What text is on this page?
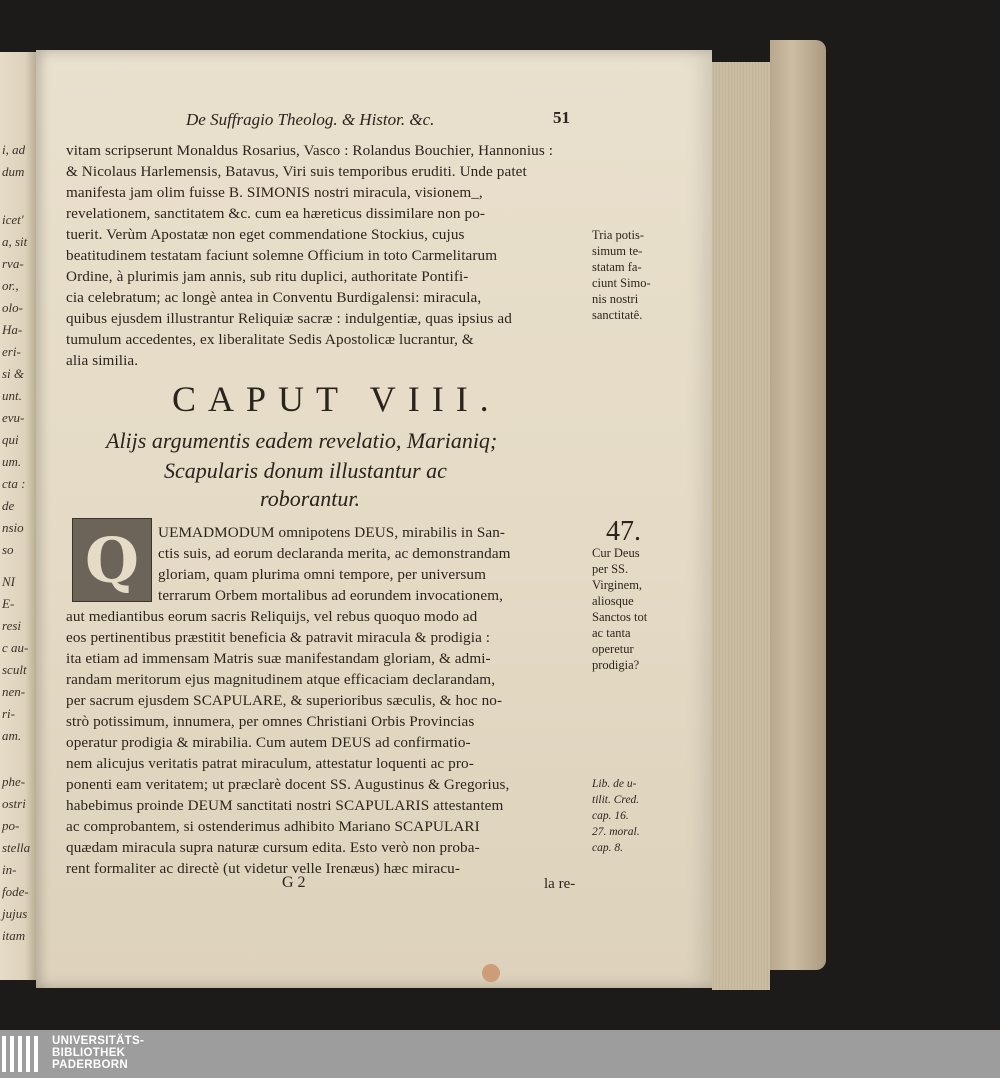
i, ad
dum
icet'
a, sit
rva-
or.,
olo-
Ha-
eri-
si &
unt.
evu-
qui
um.
cta :
de
nsio
so
NI
E-
resi
c au-
scult
nen-
ri-
am.
phe-
ostri
po-
stella
in-
fode-
jujus
itam
De Suffragio Theolog. & Histor. &c.	51
vitam scripserunt Monaldus Rosarius, Vasco : Rolandus Bouchier, Hannonius :
& Nicolaus Harlemensis, Batavus, Viri suis temporibus eruditi. Unde patet
manifesta jam olim fuisse B. SIMONIS nostri miracula, visionem_,
revelationem, sanctitatem &c. cum ea hæreticus dissimilare non po-
tuerit. Verùm Apostatæ non eget commendatione Stockius, cujus
beatitudinem testatam faciunt solemne Officium in toto Carmelitarum
Ordine, à plurimis jam annis, sub ritu duplici, authoritate Pontifi-
cia celebratum; ac longè antea in Conventu Burdigalensi: miracula,
quibus ejusdem illustrantur Reliquiæ sacræ : indulgentiæ, quas ipsius ad
tumulum accedentes, ex liberalitate Sedis Apostolicæ lucrantur, &
alia similia.
CAPUT VIII.
Alijs argumentis eadem revelatio, Marianiq;
Scapularis donum illustantur ac
roborantur.
Q UEMADMODUM omnipotens DEUS, mirabilis in San-
ctis suis, ad eorum declaranda merita, ac demonstrandam
gloriam, quam plurima omni tempore, per universum
terrarum Orbem mortalibus ad eorundem invocationem,
aut mediantibus eorum sacris Reliquijs, vel rebus quoquo modo ad
eos pertinentibus præstitit beneficia & patravit miracula & prodigia :
ita etiam ad immensam Matris suæ manifestandam gloriam, & admi-
randam meritorum ejus magnitudinem atque efficaciam declarandam,
per sacrum ejusdem SCAPULARE, & superioribus sæculis, & hoc no-
strò potissimum, innumera, per omnes Christiani Orbis Provincias
operatur prodigia & mirabilia. Cum autem DEUS ad confirmatio-
nem alicujus veritatis patrat miraculum, attestatur loquenti ac pro-
ponenti eam veritatem; ut præclarè docent SS. Augustinus & Gregorius,
habebimus proinde DEUM sanctitati nostri SCAPULARIS attestantem
ac comprobantem, si ostenderimus adhibito Mariano SCAPULARI
quædam miracula supra naturæ cursum edita. Esto verò non proba-
rent formaliter ac directè (ut videtur velle Irenæus) hæc miracu-
Tria potis-
simum te-
statam fa-
ciunt Simo-
nis nostri
sanctitatê.
47.
Cur Deus
per SS.
Virginem,
aliosque
Sanctos tot
ac tanta
operetur
prodigia?
Lib. de u-
tilit. Cred.
cap. 16.
27. moral.
cap. 8.
G 2	la re-
UNIVERSITÄTS-
BIBLIOTHEK
PADERBORN
